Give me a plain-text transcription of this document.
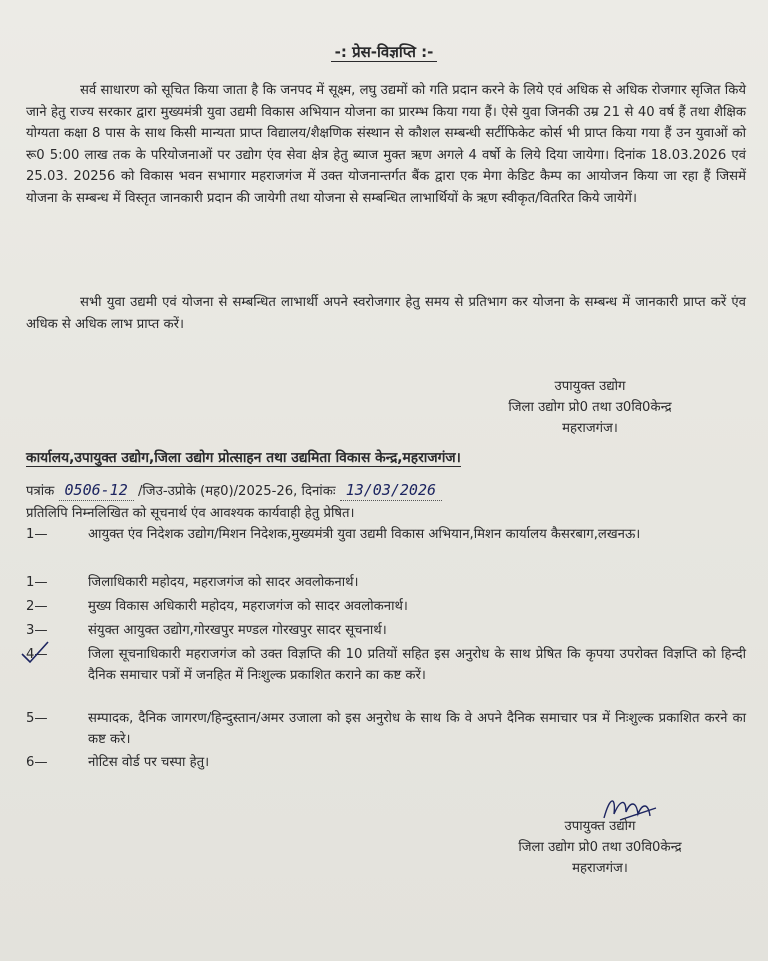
-: प्रेस-विज्ञप्ति :-
सर्व साधारण को सूचित किया जाता है कि जनपद में सूक्ष्म, लघु उद्यमों को गति प्रदान करने के लिये एवं अधिक से अधिक रोजगार सृजित किये जाने हेतु राज्य सरकार द्वारा मुख्यमंत्री युवा उद्यमी विकास अभियान योजना का प्रारम्भ किया गया हैं। ऐसे युवा जिनकी उम्र 21 से 40 वर्ष हैं तथा शैक्षिक योग्यता कक्षा 8 पास के साथ किसी मान्यता प्राप्त विद्यालय/शैक्षणिक संस्थान से कौशल सम्बन्धी सर्टीफिकेट कोर्स भी प्राप्त किया गया हैं उन युवाओं को रू0 5:00 लाख तक के परियोजनाओं पर उद्योग एंव सेवा क्षेत्र हेतु ब्याज मुक्त ऋण अगले 4 वर्षो के लिये दिया जायेगा। दिनांक 18.03.2026 एवं 25.03. 20256 को विकास भवन सभागार महराजगंज में उक्त योजनान्तर्गत बैंक द्वारा एक मेगा केडिट कैम्प का आयोजन किया जा रहा हैं जिसमें योजना के सम्बन्ध में विस्तृत जानकारी प्रदान की जायेगी तथा योजना से सम्बन्धित लाभार्थियों के ऋण स्वीकृत/वितरित किये जायेगें।
सभी युवा उद्यमी एवं योजना से सम्बन्धित लाभार्थी अपने स्वरोजगार हेतु समय से प्रतिभाग कर योजना के सम्बन्ध में जानकारी प्राप्त करें एंव अधिक से अधिक लाभ प्राप्त करें।
उपायुक्त उद्योग
जिला उद्योग प्रो0 तथा उ0वि0केन्द्र
महराजगंज।
कार्यालय,उपायुक्त उद्योग,जिला उद्योग प्रोत्साहन तथा उद्यमिता विकास केन्द्र,महराजगंज।
पत्रांक 0506-12 /जिउ-उप्रोके (मह0)/2025-26, दिनांकः 13/03/2026
प्रतिलिपि निम्नलिखित को सूचनार्थ एंव आवश्यक कार्यवाही हेतु प्रेषित।
1—	आयुक्त एंव निदेशक उद्योग/मिशन निदेशक,मुख्यमंत्री युवा उद्यमी विकास अभियान,मिशन कार्यालय कैसरबाग,लखनऊ।
1—	जिलाधिकारी महोदय, महराजगंज को सादर अवलोकनार्थ।
2—	मुख्य विकास अधिकारी महोदय, महराजगंज को सादर अवलोकनार्थ।
3—	संयुक्त आयुक्त उद्योग,गोरखपुर मण्डल गोरखपुर सादर सूचनार्थ।
4—	जिला सूचनाधिकारी महराजगंज को उक्त विज्ञप्ति की 10 प्रतियों सहित इस अनुरोध के साथ प्रेषित कि कृपया उपरोक्त विज्ञप्ति को हिन्दी दैनिक समाचार पत्रों में जनहित में निःशुल्क प्रकाशित कराने का कष्ट करें।
5—	सम्पादक, दैनिक जागरण/हिन्दुस्तान/अमर उजाला को इस अनुरोध के साथ कि वे अपने दैनिक समाचार पत्र में निःशुल्क प्रकाशित करने का कष्ट करे।
6—	नोटिस वोर्ड पर चस्पा हेतु।
उपायुक्त उद्योग
जिला उद्योग प्रो0 तथा उ0वि0केन्द्र
महराजगंज।
